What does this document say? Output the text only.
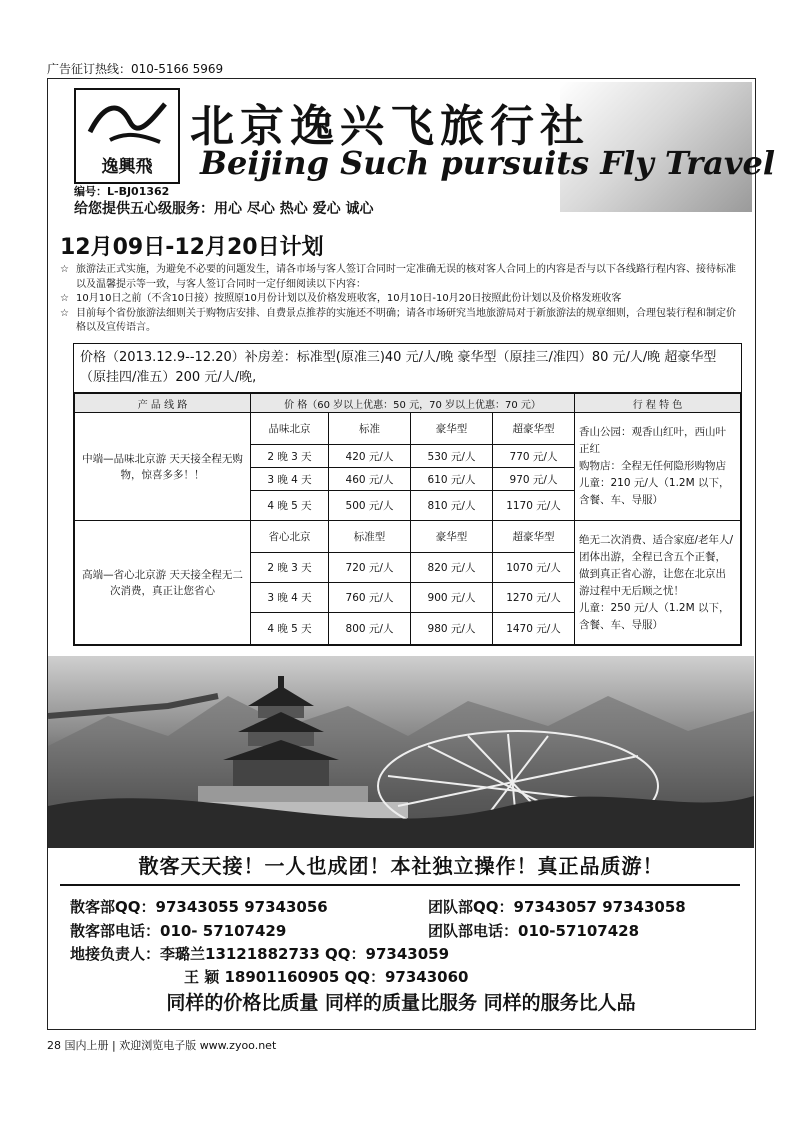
广告征订热线：010-5166 5969
逸興飛
北京逸兴飞旅行社
Beijing Such pursuits Fly Travel
编号：L-BJ01362
给您提供五心级服务：用心 尽心 热心 爱心 诚心
12月09日-12月20日计划
☆ 旅游法正式实施，为避免不必要的问题发生，请各市场与客人签订合同时一定准确无误的核对客人合同上的内容是否与以下各线路行程内容、接待标准以及温馨提示等一致，与客人签订合同时一定仔细阅读以下内容：
☆ 10月10日之前（不含10日接）按照原10月份计划以及价格发班收客，10月10日-10月20日按照此份计划以及价格发班收客
☆ 目前每个省份旅游法细则关于购物店安排、自费景点推荐的实施还不明确；请各市场研究当地旅游局对于新旅游法的规章细则，合理包装行程和制定价格以及宣传语言。
价格（2013.12.9--12.20）补房差：标准型(原准三)40 元/人/晚 豪华型（原挂三/准四）80 元/人/晚 超豪华型（原挂四/准五）200 元/人/晚,
产 品 线 路	价 格（60 岁以上优惠：50 元，70 岁以上优惠：70 元）				行 程 特 色
中端—品味北京游 天天接全程无购物，惊喜多多！！	品味北京	标准	豪华型	超豪华型	香山公园：观香山红叶，西山叶正红
购物店：全程无任何隐形购物店
儿童：210 元/人（1.2M 以下，含餐、车、导服）
	2 晚 3 天	420 元/人	530 元/人	770 元/人	
	3 晚 4 天	460 元/人	610 元/人	970 元/人	
	4 晚 5 天	500 元/人	810 元/人	1170 元/人	
高端—省心北京游 天天接全程无二次消费，真正让您省心	省心北京	标准型	豪华型	超豪华型	绝无二次消费、适合家庭/老年人/团体出游，全程已含五个正餐，做到真正省心游，让您在北京出游过程中无后顾之忧！
儿童：250 元/人（1.2M 以下，含餐、车、导服）
	2 晚 3 天	720 元/人	820 元/人	1070 元/人	
	3 晚 4 天	760 元/人	900 元/人	1270 元/人	
	4 晚 5 天	800 元/人	980 元/人	1470 元/人	
散客天天接！一人也成团！本社独立操作！真正品质游！
散客部QQ：97343055 97343056	团队部QQ：97343057 97343058
散客部电话：010- 57107429	团队部电话：010-57107428
地接负责人：李璐兰13121882733 QQ：97343059
王 颖 18901160905 QQ：97343060
同样的价格比质量 同样的质量比服务 同样的服务比人品
28 国内上册 | 欢迎浏览电子版 www.zyoo.net
